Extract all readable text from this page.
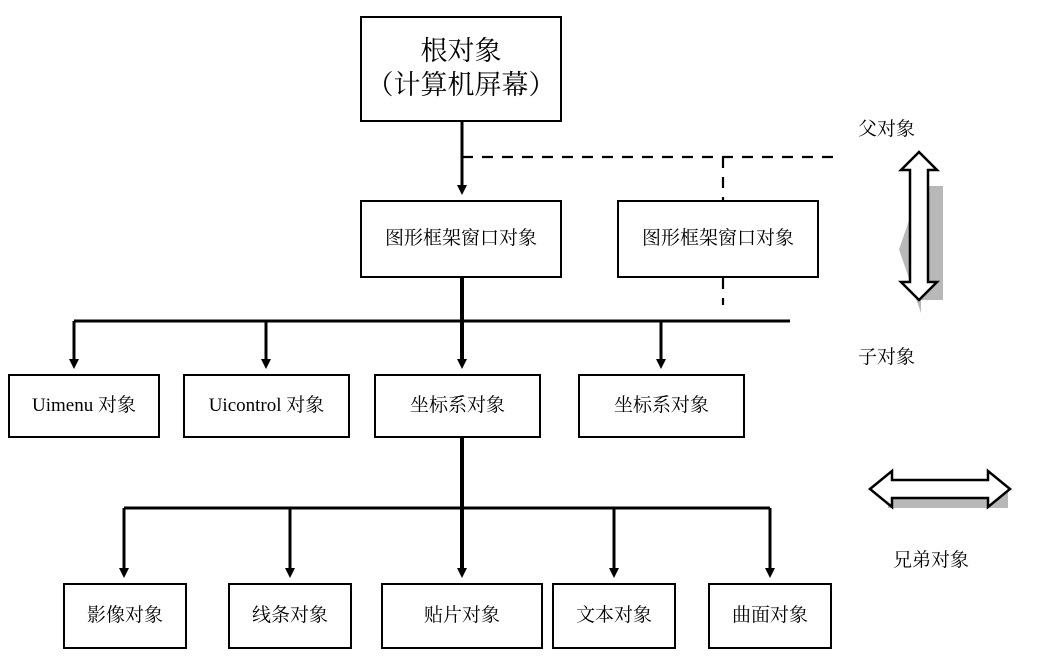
根对象
（计算机屏幕）
图形框架窗口对象	图形框架窗口对象
Uimenu 对象	Uicontrol 对象	坐标系对象	坐标系对象
影像对象	线条对象	贴片对象	文本对象	曲面对象
父对象
子对象
兄弟对象
